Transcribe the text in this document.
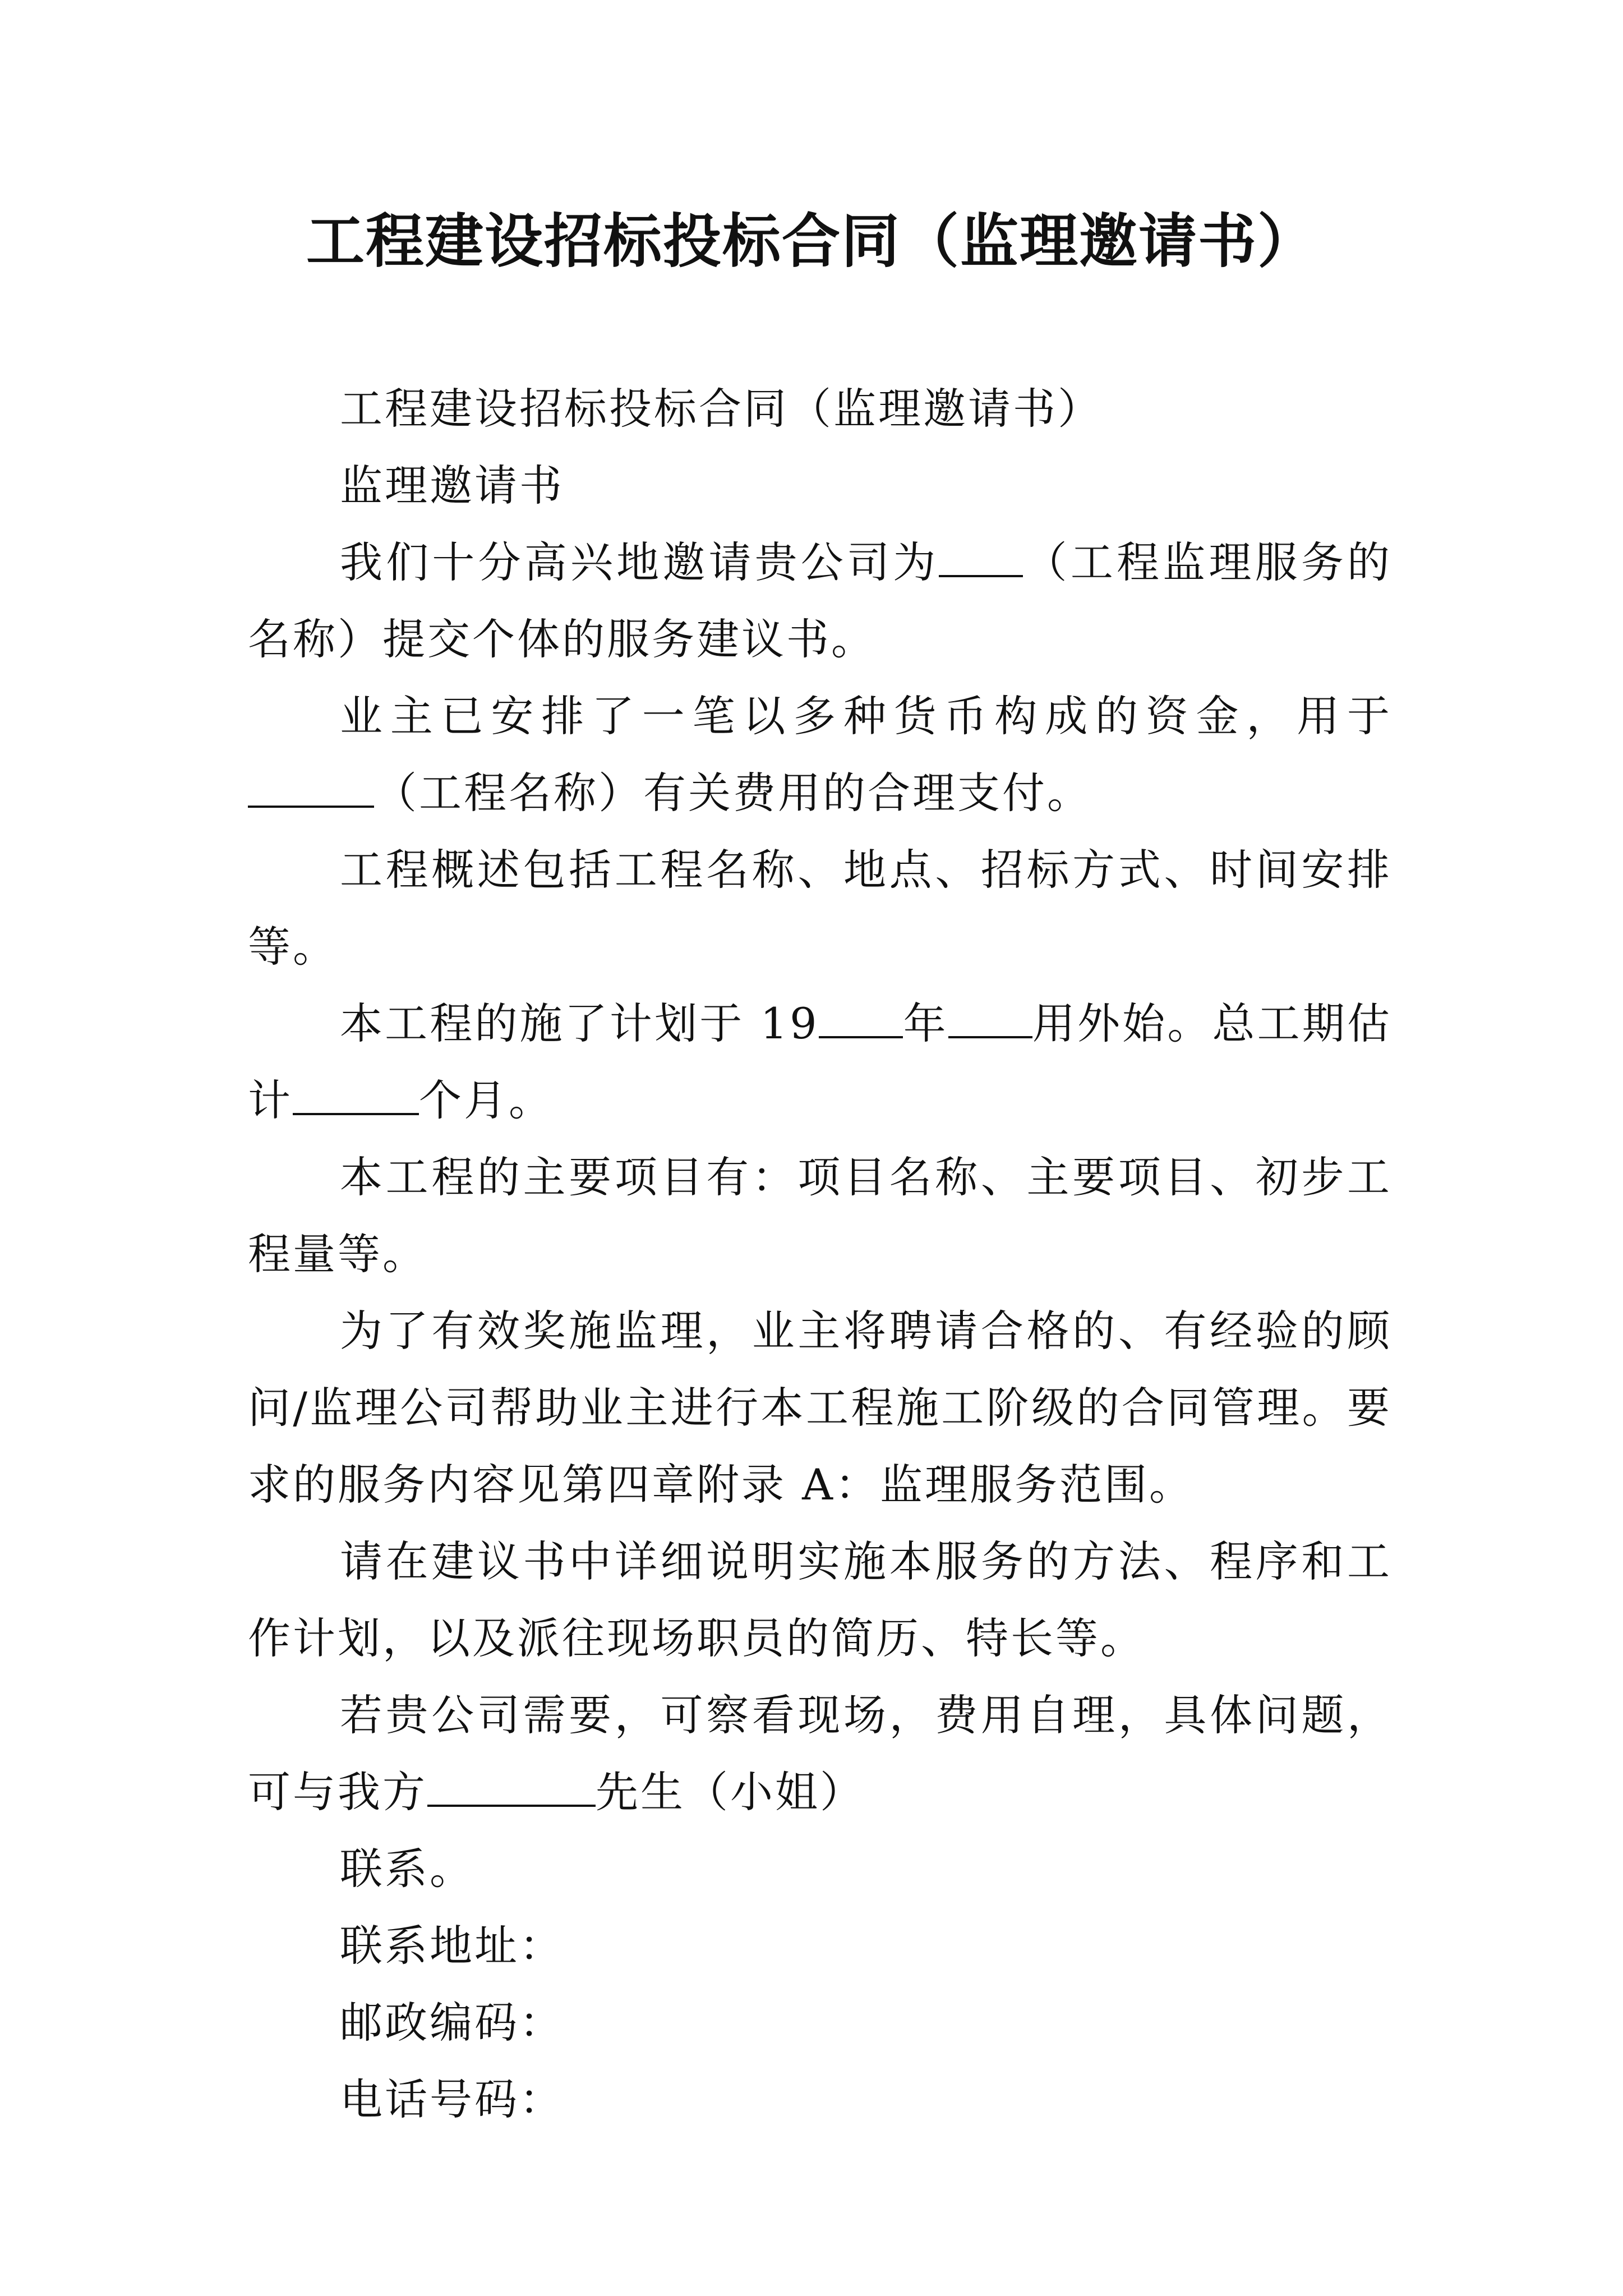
工程建设招标投标合同（监理邀请书）

工程建设招标投标合同（监理邀请书）

监理邀请书

我们十分高兴地邀请贵公司为 （工程监理服务的名称）提交个体的服务建议书。

业主已安排了一笔以多种货币构成的资金，用于（工程名称）有关费用的合理支付。

工程概述包括工程名称、地点、招标方式、时间安排等。

本工程的施了计划于 19 年 用外始。总工期估计	个月。

本工程的主要项目有：项目名称、主要项目、初步工程量等。

为了有效奖施监理，业主将聘请合格的、有经验的顾问/监理公司帮助业主进行本工程施工阶级的合同管理。要求的服务内容见第四章附录 A：监理服务范围。

请在建议书中详细说明实施本服务的方法、程序和工作计划，以及派往现场职员的简历、特长等。

若贵公司需要，可察看现场，费用自理，具体问题，可与我方	先生（小姐）

联系。

联系地址：

邮政编码：

电话号码：
